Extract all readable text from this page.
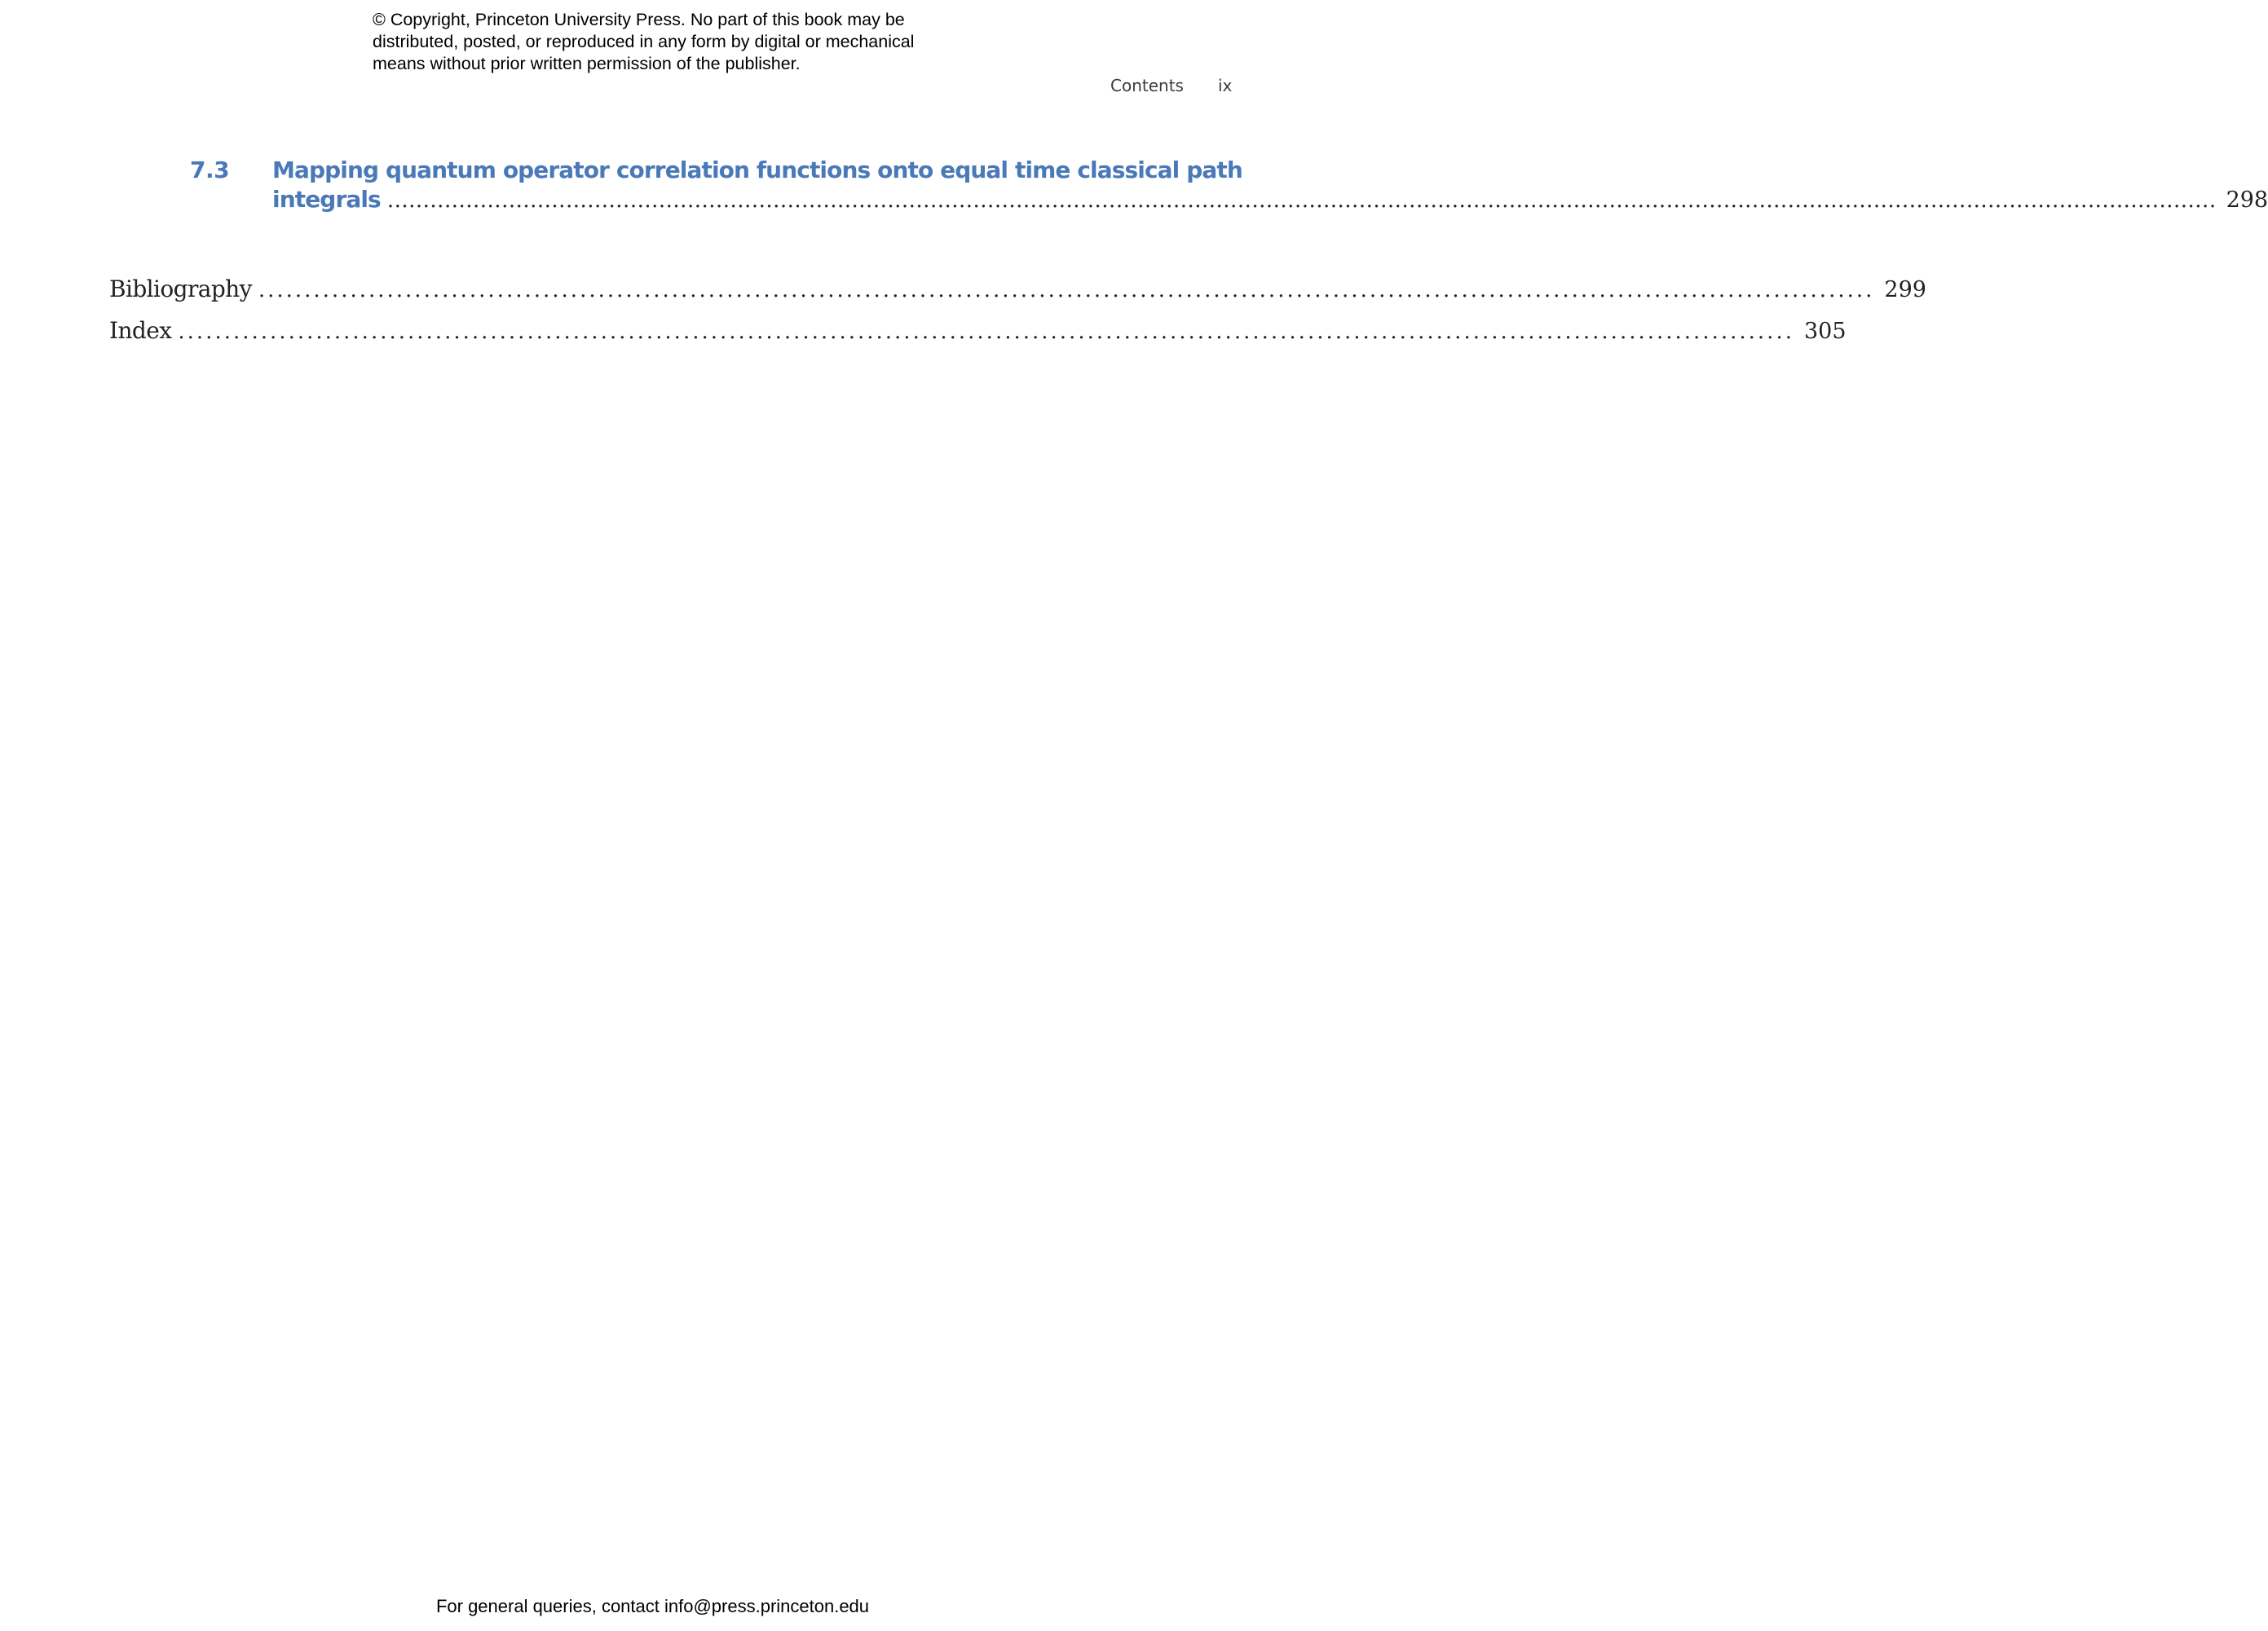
© Copyright, Princeton University Press. No part of this book may be
distributed, posted, or reproduced in any form by digital or mechanical
means without prior written permission of the publisher.
Contents ix
7.3 Mapping quantum operator correlation functions onto equal time classical path
integrals ................................................................................................................................................................................................................................................................ 298
Bibliography ................................................................................................................................................................................ 299
Index ................................................................................................................................................................................ 305
For general queries, contact info@press.princeton.edu
